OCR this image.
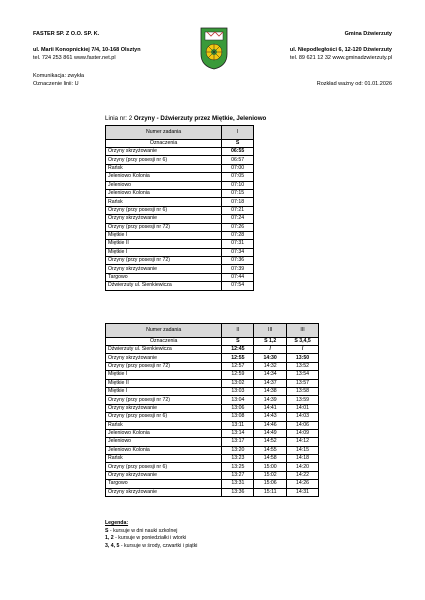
FASTER SP. Z O.O. SP. K.
ul. Marii Konopnickiej 7/4, 10-168 Olsztyn
tel. 724 253 861 www.faster.net.pl
Gmina Dźwierzuty
ul. Niepodległości 6, 12-120 Dźwierzuty
tel. 89 621 12 32 www.gminadzwierzuty.pl
Komunikacja: zwykła
Oznaczenie linii: U	Rozkład ważny od: 01.01.2026
Linia nr: 2 Orzyny - Dźwierzuty przez Miętkie, Jeleniowo
Numer zadania	I
Oznaczenia	S
Orzyny skrzyżowanie	06:55
Orzyny (przy posesji nr 6)	06:57
Rańsk	07:00
Jeleniowo Kolonia	07:05
Jeleniowo	07:10
Jeleniowo Kolonia	07:15
Rańsk	07:18
Orzyny (przy posesji nr 6)	07:21
Orzyny skrzyżowanie	07:24
Orzyny (przy posesji nr 72)	07:26
Miętkie I	07:28
Miętkie II	07:31
Miętkie I	07:34
Orzyny (przy posesji nr 72)	07:36
Orzyny skrzyżowanie	07:39
Targowo	07:44
Dźwierzuty ul. Sienkiewicza	07:54
Numer zadania	II	III	III
Oznaczenia	S	S 1,2	S 3,4,5
Dźwierzuty ul. Sienkiewicza	12:45	/	/
Orzyny skrzyżowanie	12:55	14:30	13:50
Orzyny (przy posesji nr 72)	12:57	14:32	13:52
Miętkie I	12:59	14:34	13:54
Miętkie II	13:02	14:37	13:57
Miętkie I	13:03	14:38	13:58
Orzyny (przy posesji nr 72)	13:04	14:39	13:59
Orzyny skrzyżowanie	13:06	14:41	14:01
Orzyny (przy posesji nr 6)	13:08	14:43	14:03
Rańsk	13:11	14:46	14:06
Jeleniowo Kolonia	13:14	14:49	14:09
Jeleniowo	13:17	14:52	14:12
Jeleniowo Kolonia	13:20	14:55	14:15
Rańsk	13:23	14:58	14:18
Orzyny (przy posesji nr 6)	13:25	15:00	14:20
Orzyny skrzyżowanie	13:27	15:02	14:22
Targowo	13:31	15:06	14:26
Orzyny skrzyżowanie	13:36	15:11	14:31
Legenda:
S - kursuje w dni nauki szkolnej
1, 2 - kursuje w poniedziałki i wtorki
3, 4, 5 - kursuje w środy, czwartki i piątki
